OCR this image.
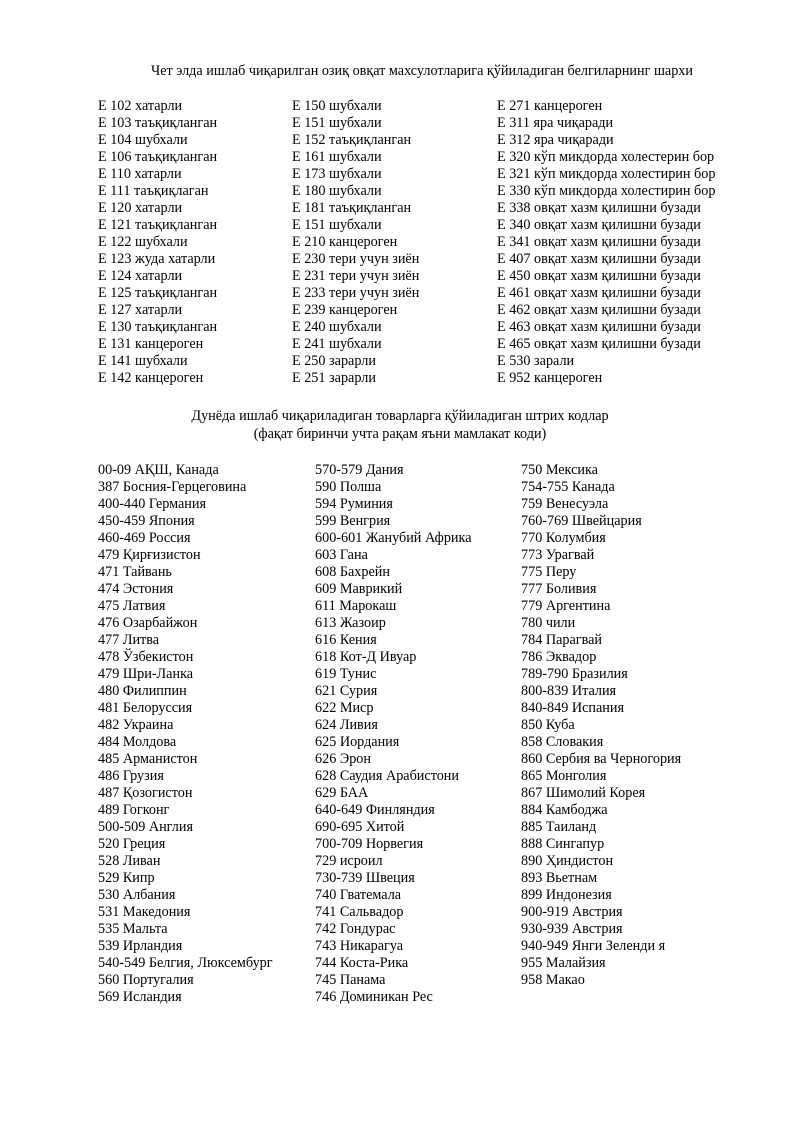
Чет элда ишлаб чиқарилган озиқ овқат махсулотларига қўйиладиган белгиларнинг шархи
Е 102 хатарли
Е 103 таъқиқланган
Е 104 шубхали
Е 106 таъқиқланган
Е 110 хатарли
Е 111 таъқиқлаган
Е 120 хатарли
Е 121 таъқиқланган
Е 122 шубхали
Е 123 жуда хатарли
Е 124 хатарли
Е 125 таъқиқланган
Е 127 хатарли
Е 130 таъқиқланган
Е 131 канцероген
Е 141 шубхали
Е 142 канцероген
Е 150 шубхали
Е 151 шубхали
Е 152 таъқиқланган
Е 161 шубхали
Е 173 шубхали
Е 180 шубхали
Е 181 таъқиқланган
Е 151 шубхали
Е 210 канцероген
Е 230 тери учун зиён
Е 231 тери учун зиён
Е 233 тери учун зиён
Е 239 канцероген
Е 240 шубхали
Е 241 шубхали
Е 250 зарарли
Е 251 зарарли
Е 271 канцероген
Е 311 яра чиқаради
Е 312 яра чиқаради
Е 320 кўп микдорда холестерин бор
Е 321 кўп микдорда холестирин бор
Е 330 кўп микдорда холестирин бор
Е 338 овқат хазм қилишни бузади
Е 340 овқат хазм қилишни бузади
Е 341 овқат хазм қилишни бузади
Е 407 овқат хазм қилишни бузади
Е 450 овқат хазм қилишни бузади
Е 461 овқат хазм қилишни бузади
Е 462 овқат хазм қилишни бузади
Е 463 овқат хазм қилишни бузади
Е 465 овқат хазм қилишни бузади
Е 530 зарали
Е 952 канцероген
Дунёда ишлаб чиқариладиган товарларга қўйиладиган штрих кодлар
(фақат биринчи учта рақам яъни мамлакат коди)
00-09 АҚШ, Канада
387 Босния-Герцеговина
400-440 Германия
450-459 Япония
460-469 Россия
479 Қирғизистон
471 Тайвань
474 Эстония
475 Латвия
476 Озарбайжон
477 Литва
478 Ўзбекистон
479 Шри-Ланка
480 Филиппин
481 Белоруссия
482 Украина
484 Молдова
485 Арманистон
486 Грузия
487 Қозогистон
489 Гогконг
500-509 Англия
520 Греция
528 Ливан
529 Кипр
530 Албания
531 Македония
535 Мальта
539 Ирландия
540-549 Белгия, Люксембург
560 Португалия
569 Исландия
570-579 Дания
590 Полша
594 Руминия
599 Венгрия
600-601 Жанубий Африка
603 Гана
608 Бахрейн
609 Маврикий
611 Марокаш
613 Жазоир
616 Кения
618 Кот-Д Ивуар
619 Тунис
621 Сурия
622 Миср
624 Ливия
625 Иордания
626 Эрон
628 Саудия Арабистони
629 БАА
640-649 Финляндия
690-695 Хитой
700-709 Норвегия
729 исроил
730-739 Швеция
740 Гватемала
741 Сальвадор
742 Гондурас
743 Никарагуа
744 Коста-Рика
745 Панама
746 Доминикан Рес
750 Мексика
754-755 Канада
759 Венесуэла
760-769 Швейцария
770 Колумбия
773 Урагвай
775 Перу
777 Боливия
779 Аргентина
780 чили
784 Парагвай
786 Эквадор
789-790 Бразилия
800-839 Италия
840-849 Испания
850 Куба
858 Словакия
860 Сербия ва Черногория
865 Монголия
867 Шимолий Корея
884 Камбоджа
885 Таиланд
888 Сингапур
890 Ҳиндистон
893 Вьетнам
899 Индонезия
900-919 Австрия
930-939 Австрия
940-949 Янги Зеленди я
955 Малайзия
958 Макао
